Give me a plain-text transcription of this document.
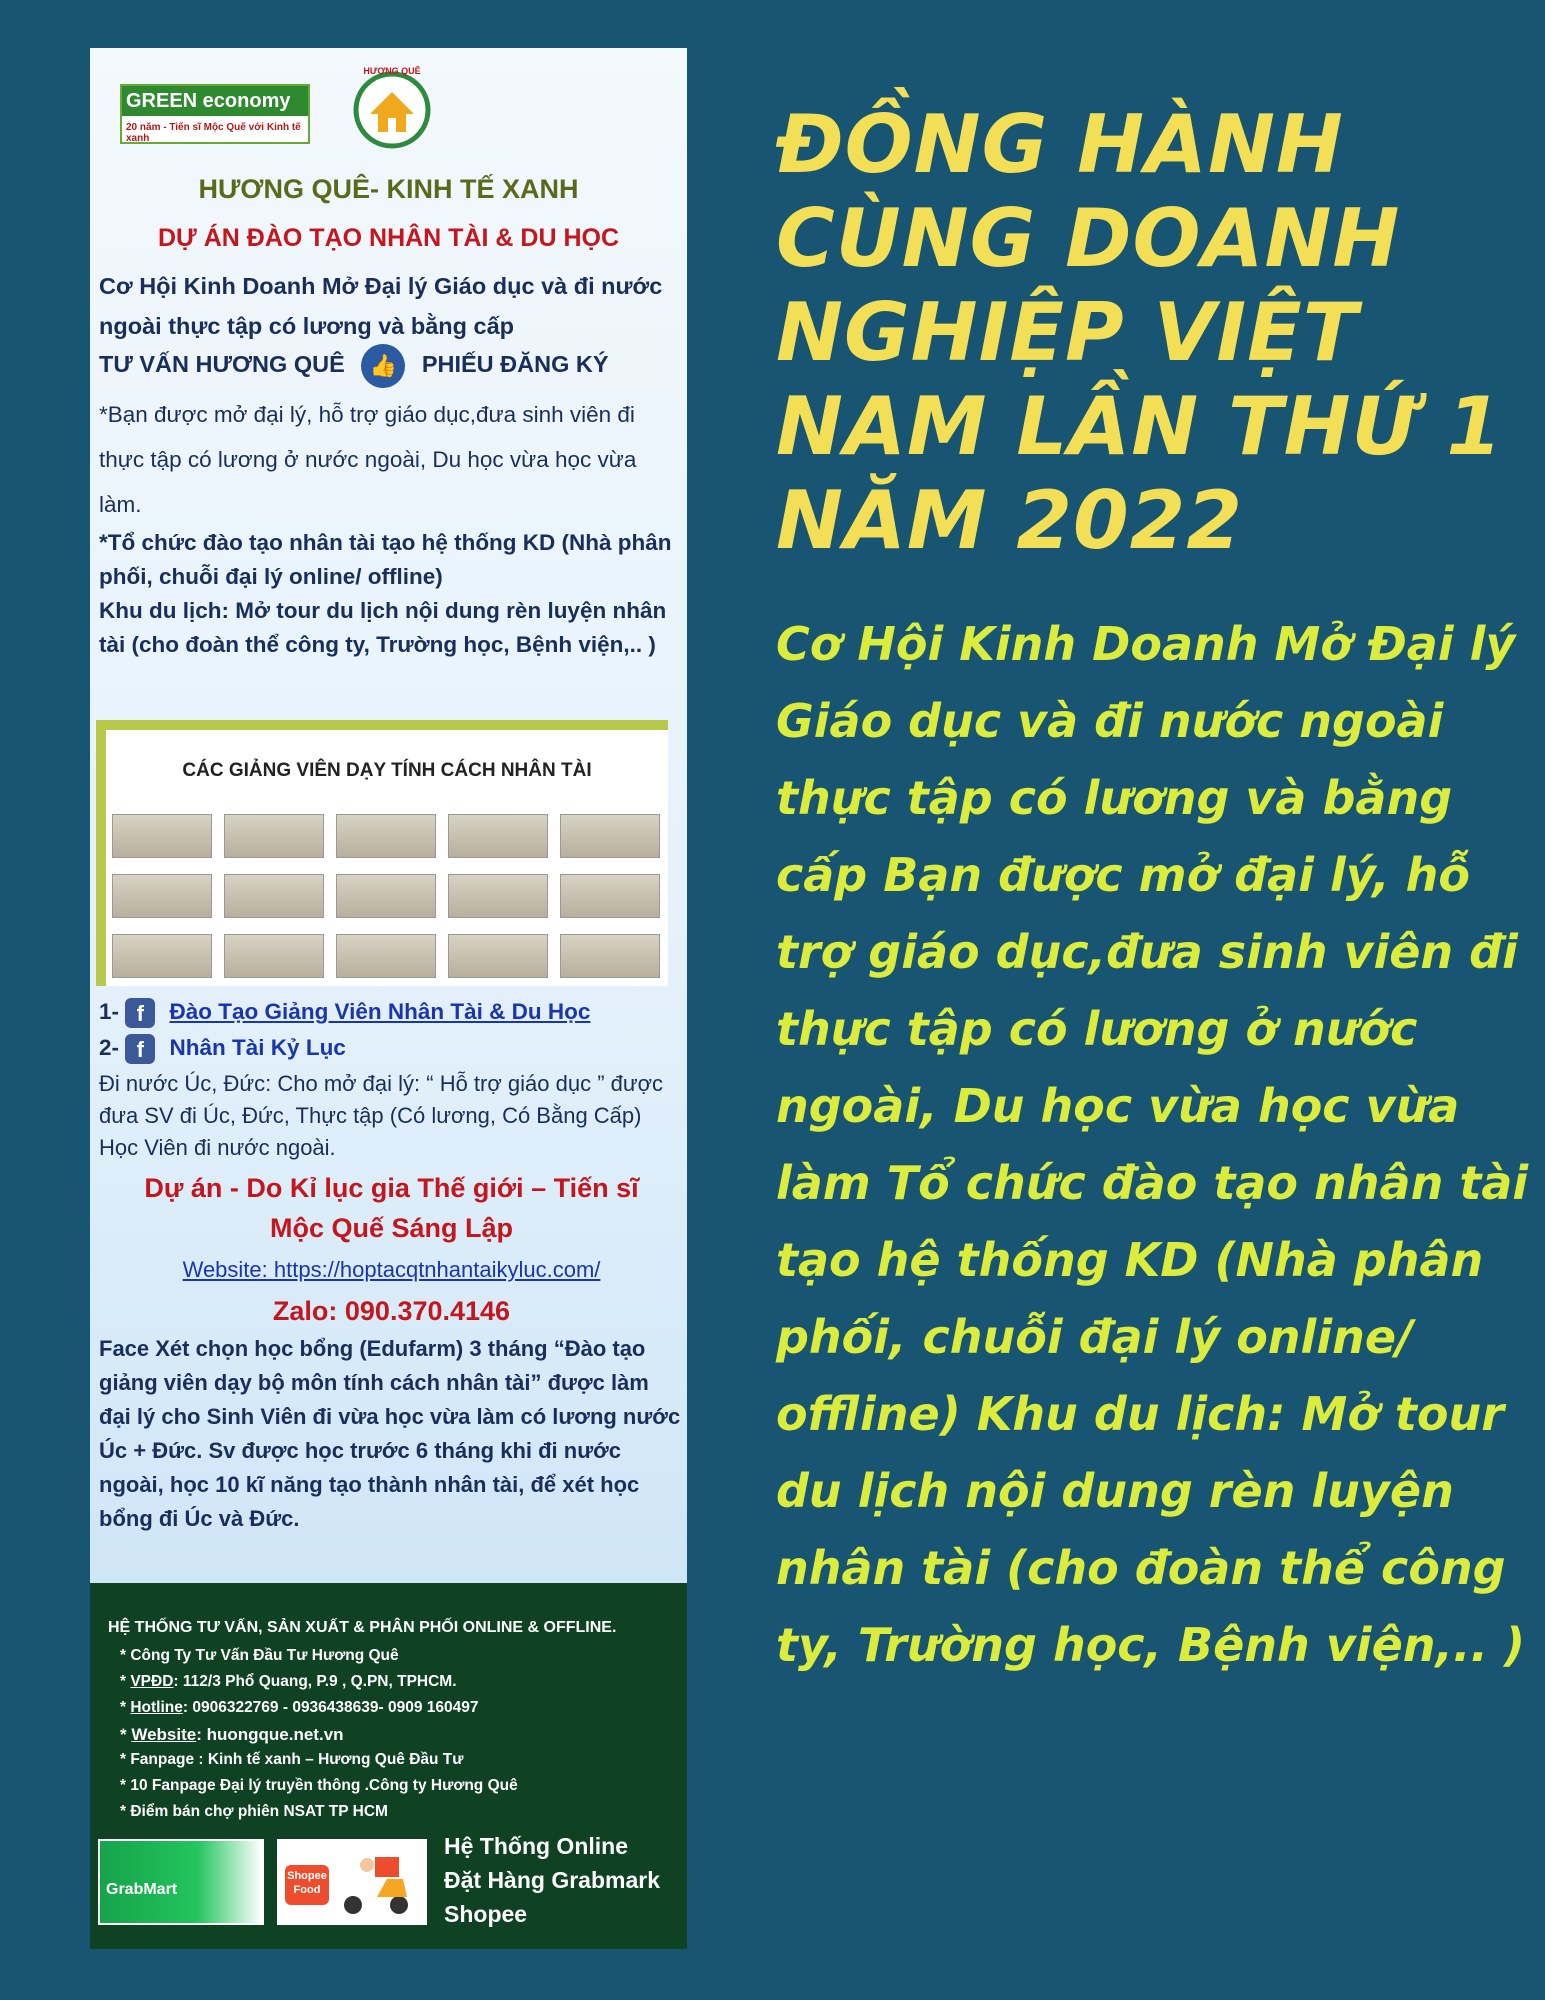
GREEN economy
20 năm - Tiến sĩ Mộc Quế với Kinh tế xanh
HƯƠNG QUÊ
HƯƠNG QUÊ- KINH TẾ XANH
DỰ ÁN ĐÀO TẠO NHÂN TÀI & DU HỌC
Cơ Hội Kinh Doanh Mở Đại lý Giáo dục và đi nước ngoài thực tập có lương và bằng cấp
TƯ VẤN HƯƠNG QUÊ 👍 PHIẾU ĐĂNG KÝ
*Bạn được mở đại lý, hỗ trợ giáo dục,đưa sinh viên đi thực tập có lương ở nước ngoài, Du học vừa học vừa làm.
*Tổ chức đào tạo nhân tài tạo hệ thống KD (Nhà phân phối, chuỗi đại lý online/ offline)
Khu du lịch: Mở tour du lịch nội dung rèn luyện nhân tài (cho đoàn thể công ty, Trường học, Bệnh viện,.. )
CÁC GIẢNG VIÊN DẠY TÍNH CÁCH NHÂN TÀI
1- f Đào Tạo Giảng Viên Nhân Tài & Du Học
2- f Nhân Tài Kỷ Lục
Đi nước Úc, Đức: Cho mở đại lý: “ Hỗ trợ giáo dục ” được đưa SV đi Úc, Đức, Thực tập (Có lương, Có Bằng Cấp) Học Viên đi nước ngoài.
Dự án - Do Kỉ lục gia Thế giới – Tiến sĩ
Mộc Quế Sáng Lập
Website: https://hoptacqtnhantaikyluc.com/
Zalo: 090.370.4146
Face Xét chọn học bổng (Edufarm) 3 tháng “Đào tạo giảng viên dạy bộ môn tính cách nhân tài” được làm đại lý cho Sinh Viên đi vừa học vừa làm có lương nước Úc + Đức. Sv được học trước 6 tháng khi đi nước ngoài, học 10 kĩ năng tạo thành nhân tài, để xét học bổng đi Úc và Đức.
HỆ THỐNG TƯ VẤN, SẢN XUẤT & PHÂN PHỐI ONLINE & OFFLINE.
* Công Ty Tư Vấn Đầu Tư Hương Quê
* VPĐD: 112/3 Phổ Quang, P.9 , Q.PN, TPHCM.
* Hotline: 0906322769 - 0936438639- 0909 160497
* Website: huongque.net.vn
* Fanpage : Kinh tế xanh – Hương Quê Đầu Tư
* 10 Fanpage Đại lý truyền thông .Công ty Hương Quê
* Điểm bán chợ phiên NSAT TP HCM
GrabMart
Shopee Food
Hệ Thống Online
Đặt Hàng Grabmark
Shopee
ĐỒNG HÀNH CÙNG DOANH NGHIỆP VIỆT NAM LẦN THỨ 1 NĂM 2022
Cơ Hội Kinh Doanh Mở Đại lý Giáo dục và đi nước ngoài thực tập có lương và bằng cấp Bạn được mở đại lý, hỗ trợ giáo dục,đưa sinh viên đi thực tập có lương ở nước ngoài, Du học vừa học vừa làm Tổ chức đào tạo nhân tài tạo hệ thống KD (Nhà phân phối, chuỗi đại lý online/ offline) Khu du lịch: Mở tour du lịch nội dung rèn luyện nhân tài (cho đoàn thể công ty, Trường học, Bệnh viện,.. )
